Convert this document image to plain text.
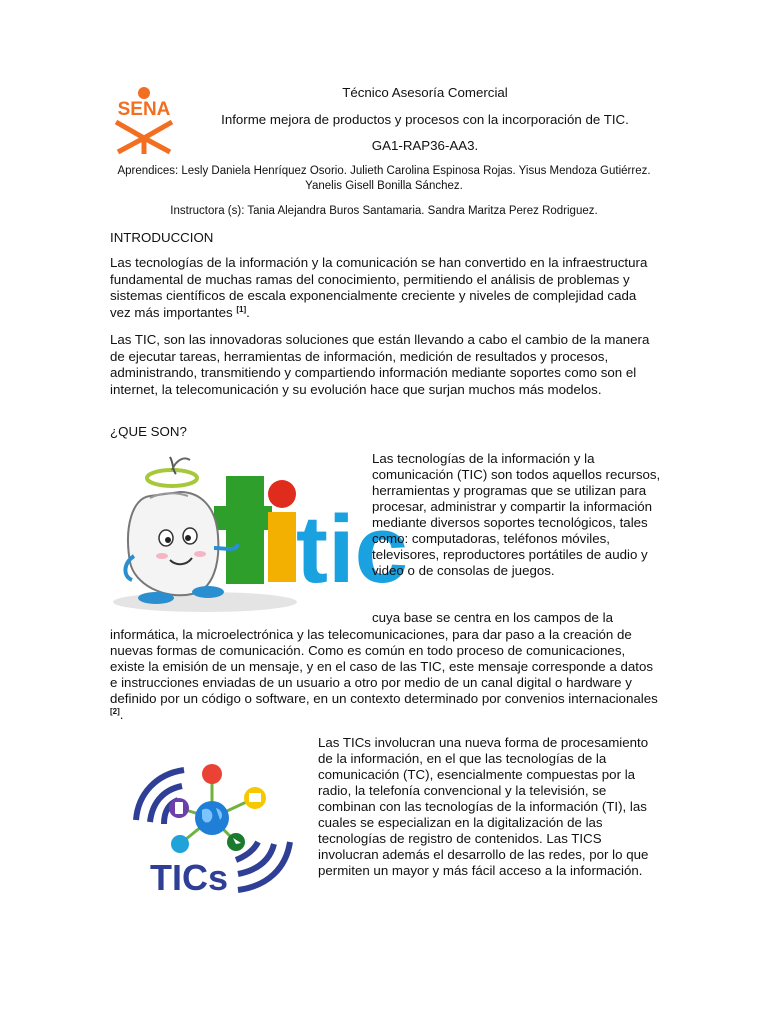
SENA
Técnico Asesoría Comercial
Informe mejora de productos y procesos con la incorporación de TIC.
GA1-RAP36-AA3.
Aprendices: Lesly Daniela Henríquez Osorio. Julieth Carolina Espinosa Rojas. Yisus Mendoza Gutiérrez. Yanelis Gisell Bonilla Sánchez.
Instructora (s): Tania Alejandra Buros Santamaria. Sandra Maritza Perez Rodriguez.
INTRODUCCION
Las tecnologías de la información y la comunicación se han convertido en la infraestructura fundamental de muchas ramas del conocimiento, permitiendo el análisis de problemas y sistemas científicos de escala exponencialmente creciente y niveles de complejidad cada vez más importantes [1].
Las TIC, son las innovadoras soluciones que están llevando a cabo el cambio de la manera de ejecutar tareas, herramientas de información, medición de resultados y procesos, administrando, transmitiendo y compartiendo información mediante soportes como son el internet, la telecomunicación y su evolución hace que surjan muchos más modelos.
¿QUE SON?
tic
Las tecnologías de la información y la comunicación (TIC) son todos aquellos recursos, herramientas y programas que se utilizan para procesar, administrar y compartir la información mediante diversos soportes tecnológicos, tales como: computadoras, teléfonos móviles, televisores, reproductores portátiles de audio y video o de consolas de juegos.
cuya base se centra en los campos de la
informática, la microelectrónica y las telecomunicaciones, para dar paso a la creación de nuevas formas de comunicación. Como es común en todo proceso de comunicaciones, existe la emisión de un mensaje, y en el caso de las TIC, este mensaje corresponde a datos e instrucciones enviadas de un usuario a otro por medio de un canal digital o hardware y definido por un código o software, en un contexto determinado por convenios internacionales [2].
TICs
Las TICs involucran una nueva forma de procesamiento de la información, en el que las tecnologías de la comunicación (TC), esencialmente compuestas por la radio, la telefonía convencional y la televisión, se combinan con las tecnologías de la información (TI), las cuales se especializan en la digitalización de las tecnologías de registro de contenidos. Las TICS involucran además el desarrollo de las redes, por lo que permiten un mayor y más fácil acceso a la información.
